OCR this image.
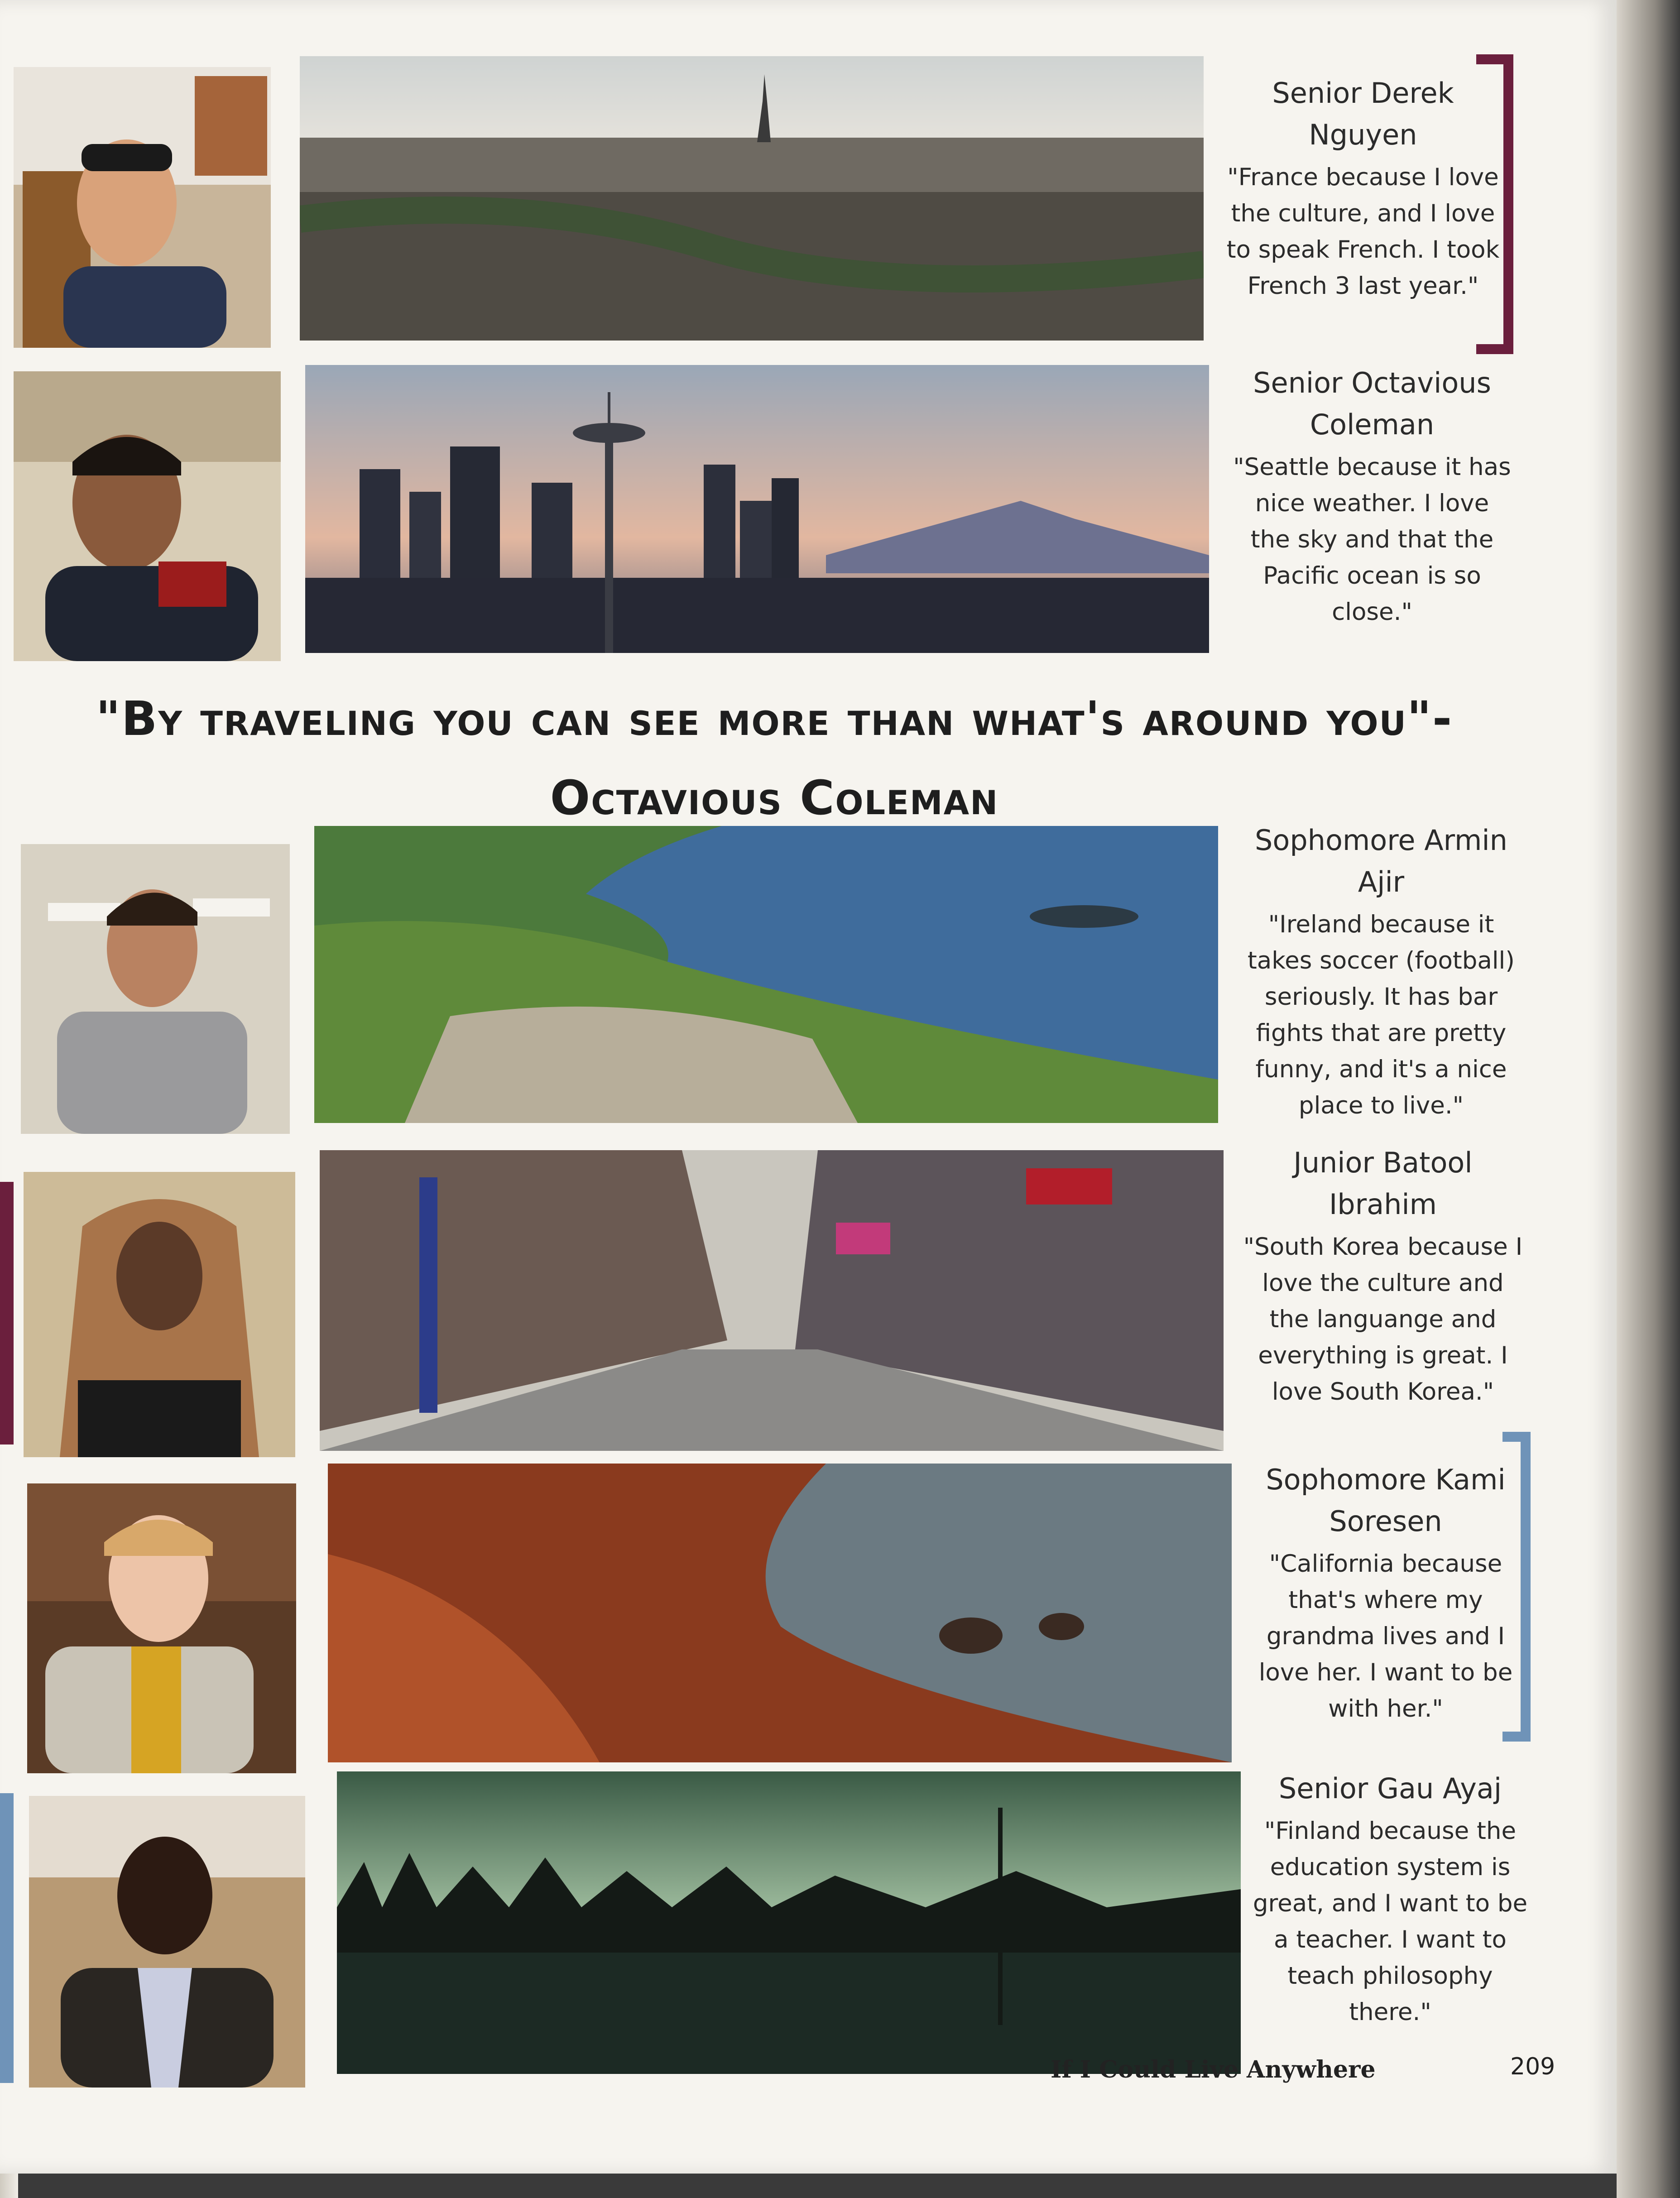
Senior Derek Nguyen
"France because I love the culture, and I love to speak French. I took French 3 last year."
Senior Octavious Coleman
"Seattle because it has nice weather. I love the sky and that the Pacific ocean is so close."
"By traveling you can see more than what's around you"-Octavious Coleman
Sophomore Armin Ajir
"Ireland because it takes soccer (football) seriously. It has bar fights that are pretty funny, and it's a nice place to live."
Junior Batool Ibrahim
"South Korea because I love the culture and the languange and everything is great. I love South Korea."
Sophomore Kami Soresen
"California because that's where my grandma lives and I love her. I want to be with her."
Senior Gau Ayaj
"Finland because the education system is great, and I want to be a teacher. I want to teach philosophy there."
If I Could Live Anywhere	209
